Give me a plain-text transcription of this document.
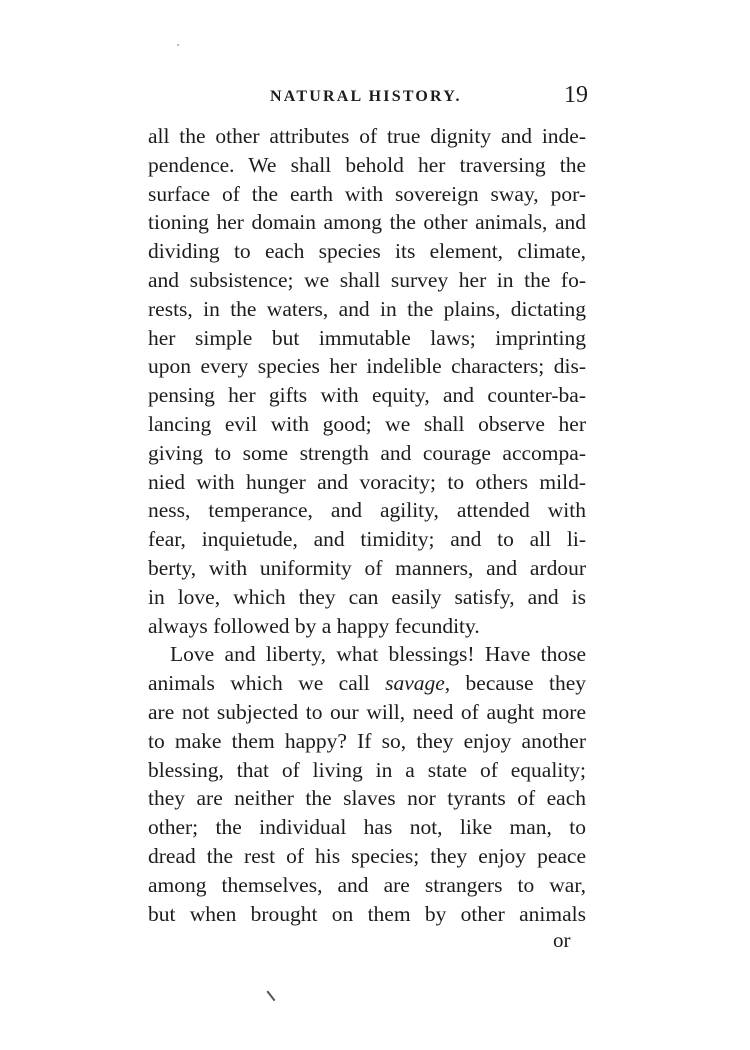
NATURAL HISTORY.	19
all the other attributes of true dignity and inde-
pendence. We shall behold her traversing the
surface of the earth with sovereign sway, por-
tioning her domain among the other animals, and
dividing to each species its element, climate,
and subsistence; we shall survey her in the fo-
rests, in the waters, and in the plains, dictating
her simple but immutable laws; imprinting
upon every species her indelible characters; dis-
pensing her gifts with equity, and counter-ba-
lancing evil with good; we shall observe her
giving to some strength and courage accompa-
nied with hunger and voracity; to others mild-
ness, temperance, and agility, attended with
fear, inquietude, and timidity; and to all li-
berty, with uniformity of manners, and ardour
in love, which they can easily satisfy, and is
always followed by a happy fecundity.
Love and liberty, what blessings! Have those
animals which we call savage, because they
are not subjected to our will, need of aught more
to make them happy? If so, they enjoy another
blessing, that of living in a state of equality;
they are neither the slaves nor tyrants of each
other; the individual has not, like man, to
dread the rest of his species; they enjoy peace
among themselves, and are strangers to war,
but when brought on them by other animals
or
